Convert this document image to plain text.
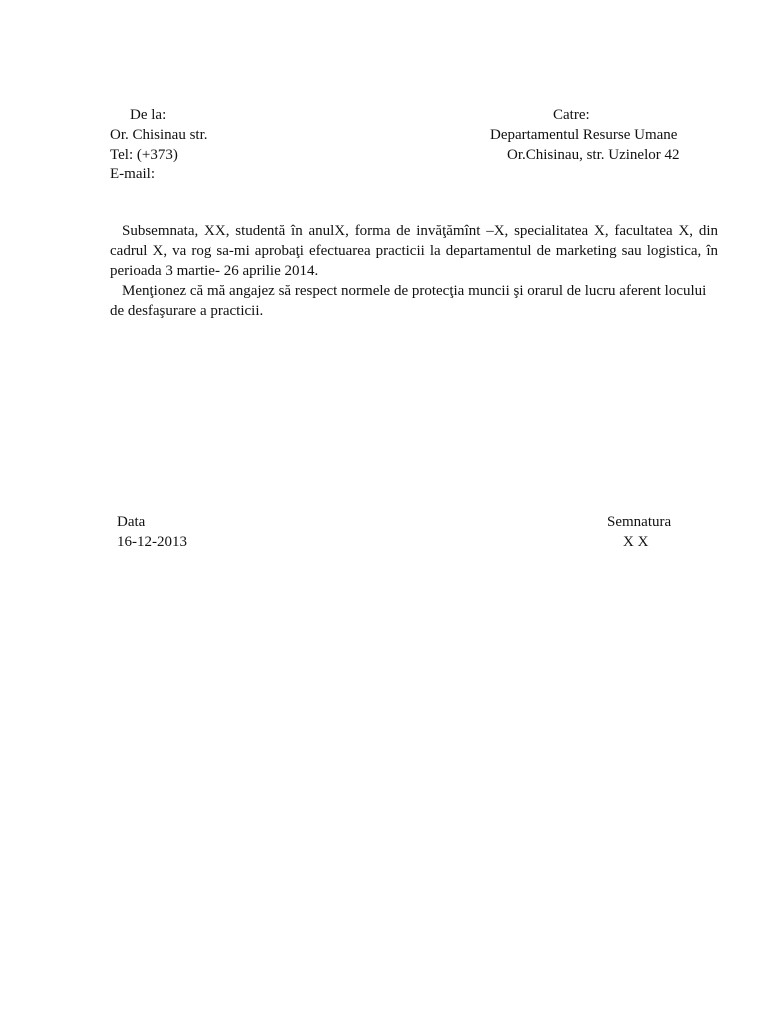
De la:
Or. Chisinau str.
Tel: (+373)
E-mail:
Catre:
Departamentul Resurse Umane
Or.Chisinau, str. Uzinelor 42

Subsemnata, XX, studentă în anulX, forma de invăţămînt –X, specialitatea X, facultatea X, din cadrul X, va rog sa-mi aprobaţi efectuarea practicii la departamentul de marketing sau logistica, în perioada 3 martie- 26 aprilie 2014.

Menţionez că mă angajez să respect normele de protecţia muncii şi orarul de lucru aferent locului de desfaşurare a practicii.

Data
16-12-2013
Semnatura
X X
